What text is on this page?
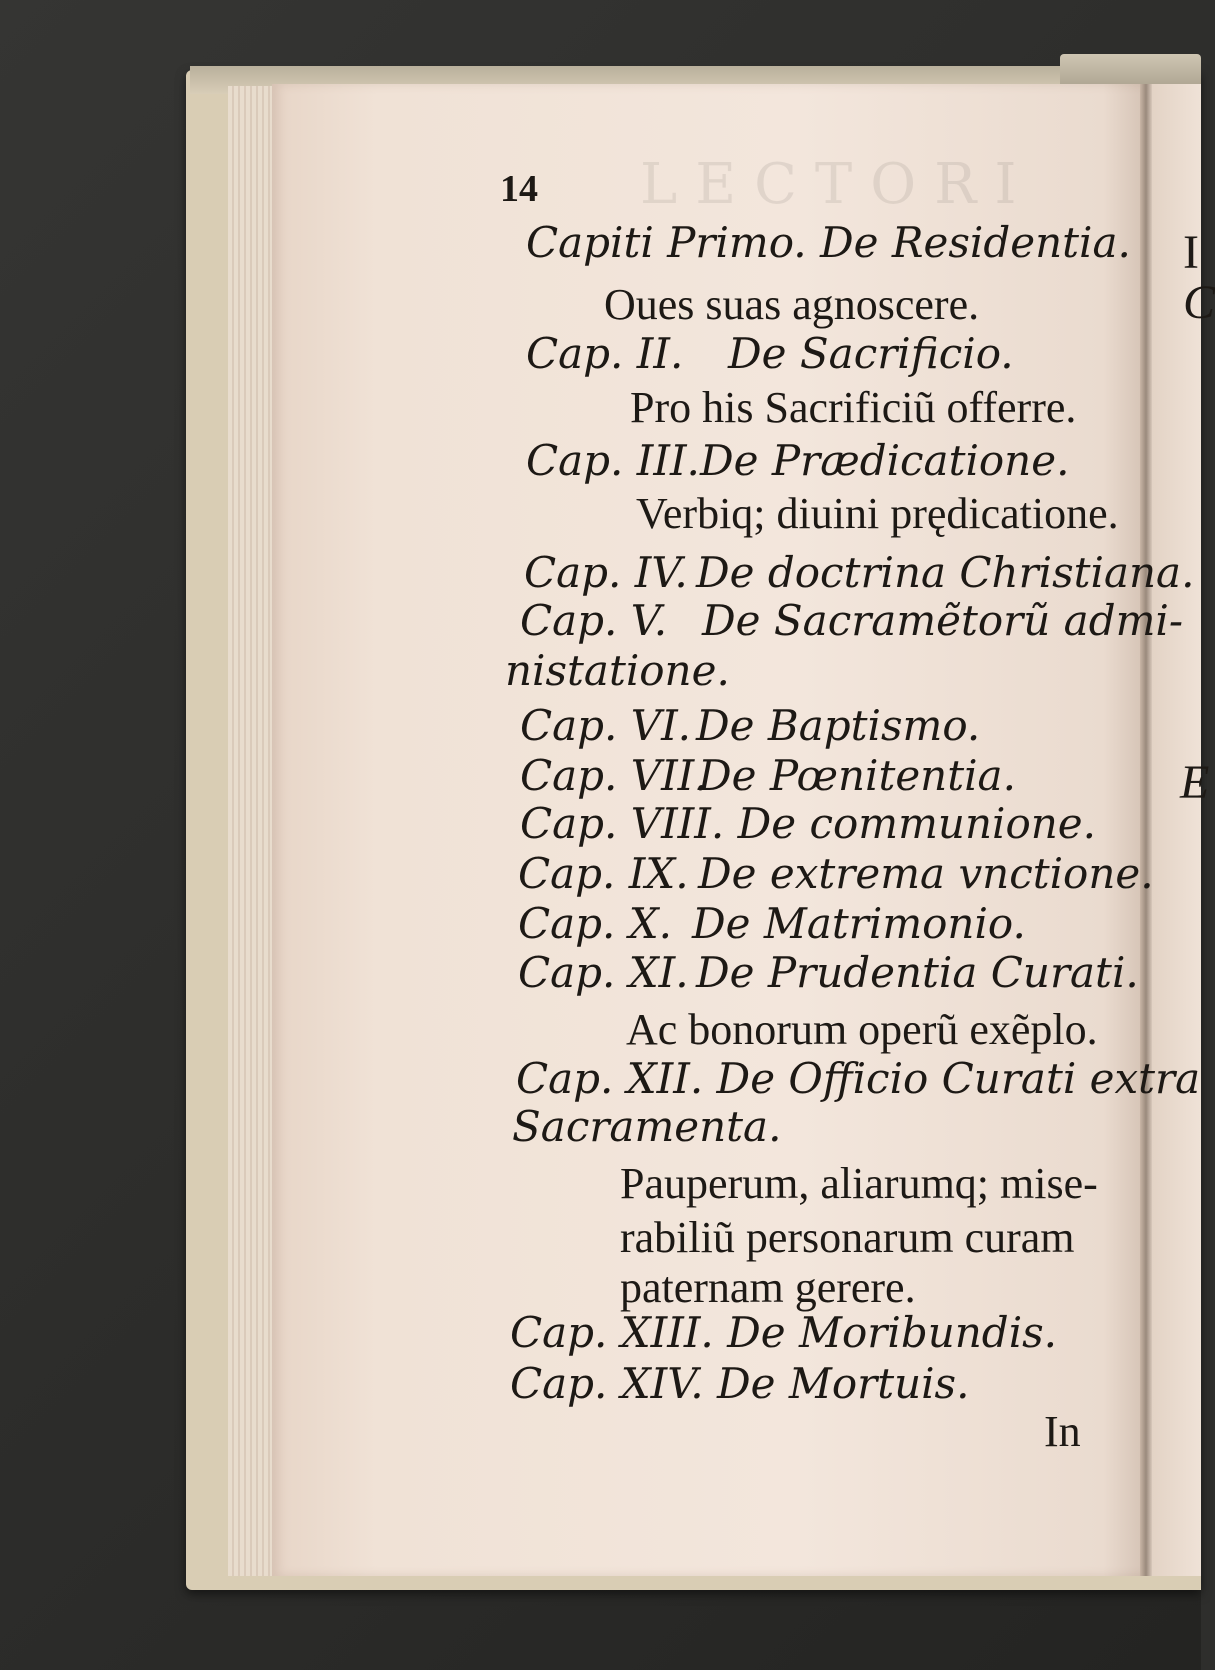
LECTORI
14
Capiti Primo. De Residentia.
Oues suas agnoscere.
Cap. II. De Sacrificio.
Pro his Sacrificiũ offerre.
Cap. III. De Prædicatione.
Verbiq; diuini prędicatione.
Cap. IV. De doctrina Christiana.
Cap. V. De Sacramẽtorũ admi-
nistatione.
Cap. VI. De Baptismo.
Cap. VII.
De Pœnitentia.
Cap. VIII. De communione.
Cap. IX. De extrema vnctione.
Cap. X. De Matrimonio.
Cap. XI. De Prudentia Curati.
Ac bonorum operũ exẽplo.
Cap. XII. De Officio Curati extra
Sacramenta.
Pauperum, aliarumq; mise-
rabiliũ personarum curam
paternam gerere.
Cap. XIII. De Moribundis.
Cap. XIV. De Mortuis.
In
I
C
E
